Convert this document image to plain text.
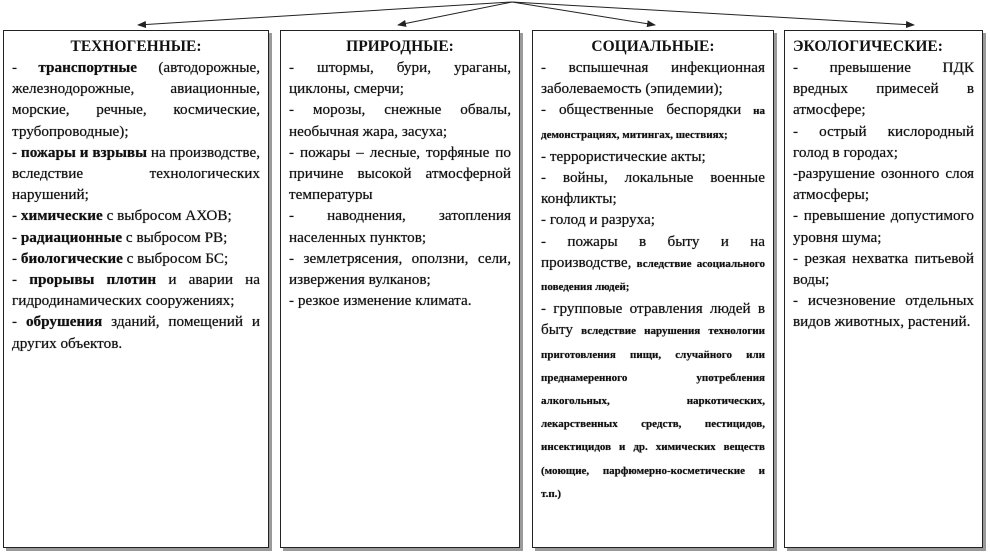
ТЕХНОГЕННЫЕ:

- транспортные (автодорожные, железнодорожные, авиационные, морские, речные, космические, трубопроводные);

- пожары и взрывы на производстве, вследствие технологических нарушений;

- химические с выбросом АХОВ;

- радиационные с выбросом РВ;

- биологические с выбросом БС;

- прорывы плотин и аварии на гидродинамических сооружениях;

- обрушения зданий, помещений и других объектов.

ПРИРОДНЫЕ:

- штормы, бури, ураганы, циклоны, смерчи;

- морозы, снежные обвалы, необычная жара, засуха;

- пожары – лесные, торфяные по причине высокой атмосферной температуры

- наводнения, затопления населенных пунктов;

- землетрясения, оползни, сели, извержения вулканов;

- резкое изменение климата.

СОЦИАЛЬНЫЕ:

- вспышечная инфекционная заболеваемость (эпидемии);

- общественные беспорядки на демонстрациях, митингах, шествиях;

- террористические акты;

- войны, локальные военные конфликты;

- голод и разруха;

- пожары в быту и на производстве, вследствие асоциального поведения людей;

- групповые отравления людей в быту вследствие нарушения технологии приготовления пищи, случайного или преднамеренного употребления алкогольных, наркотических, лекарственных средств, пестицидов, инсектицидов и др. химических веществ (моющие, парфюмерно-косметические и т.п.)

ЭКОЛОГИЧЕСКИЕ:

- превышение ПДК вредных примесей в атмосфере;

- острый кислородный голод в городах;

-разрушение озонного слоя атмосферы;

- превышение допустимого уровня шума;

- резкая нехватка питьевой воды;

- исчезновение отдельных видов животных, растений.
